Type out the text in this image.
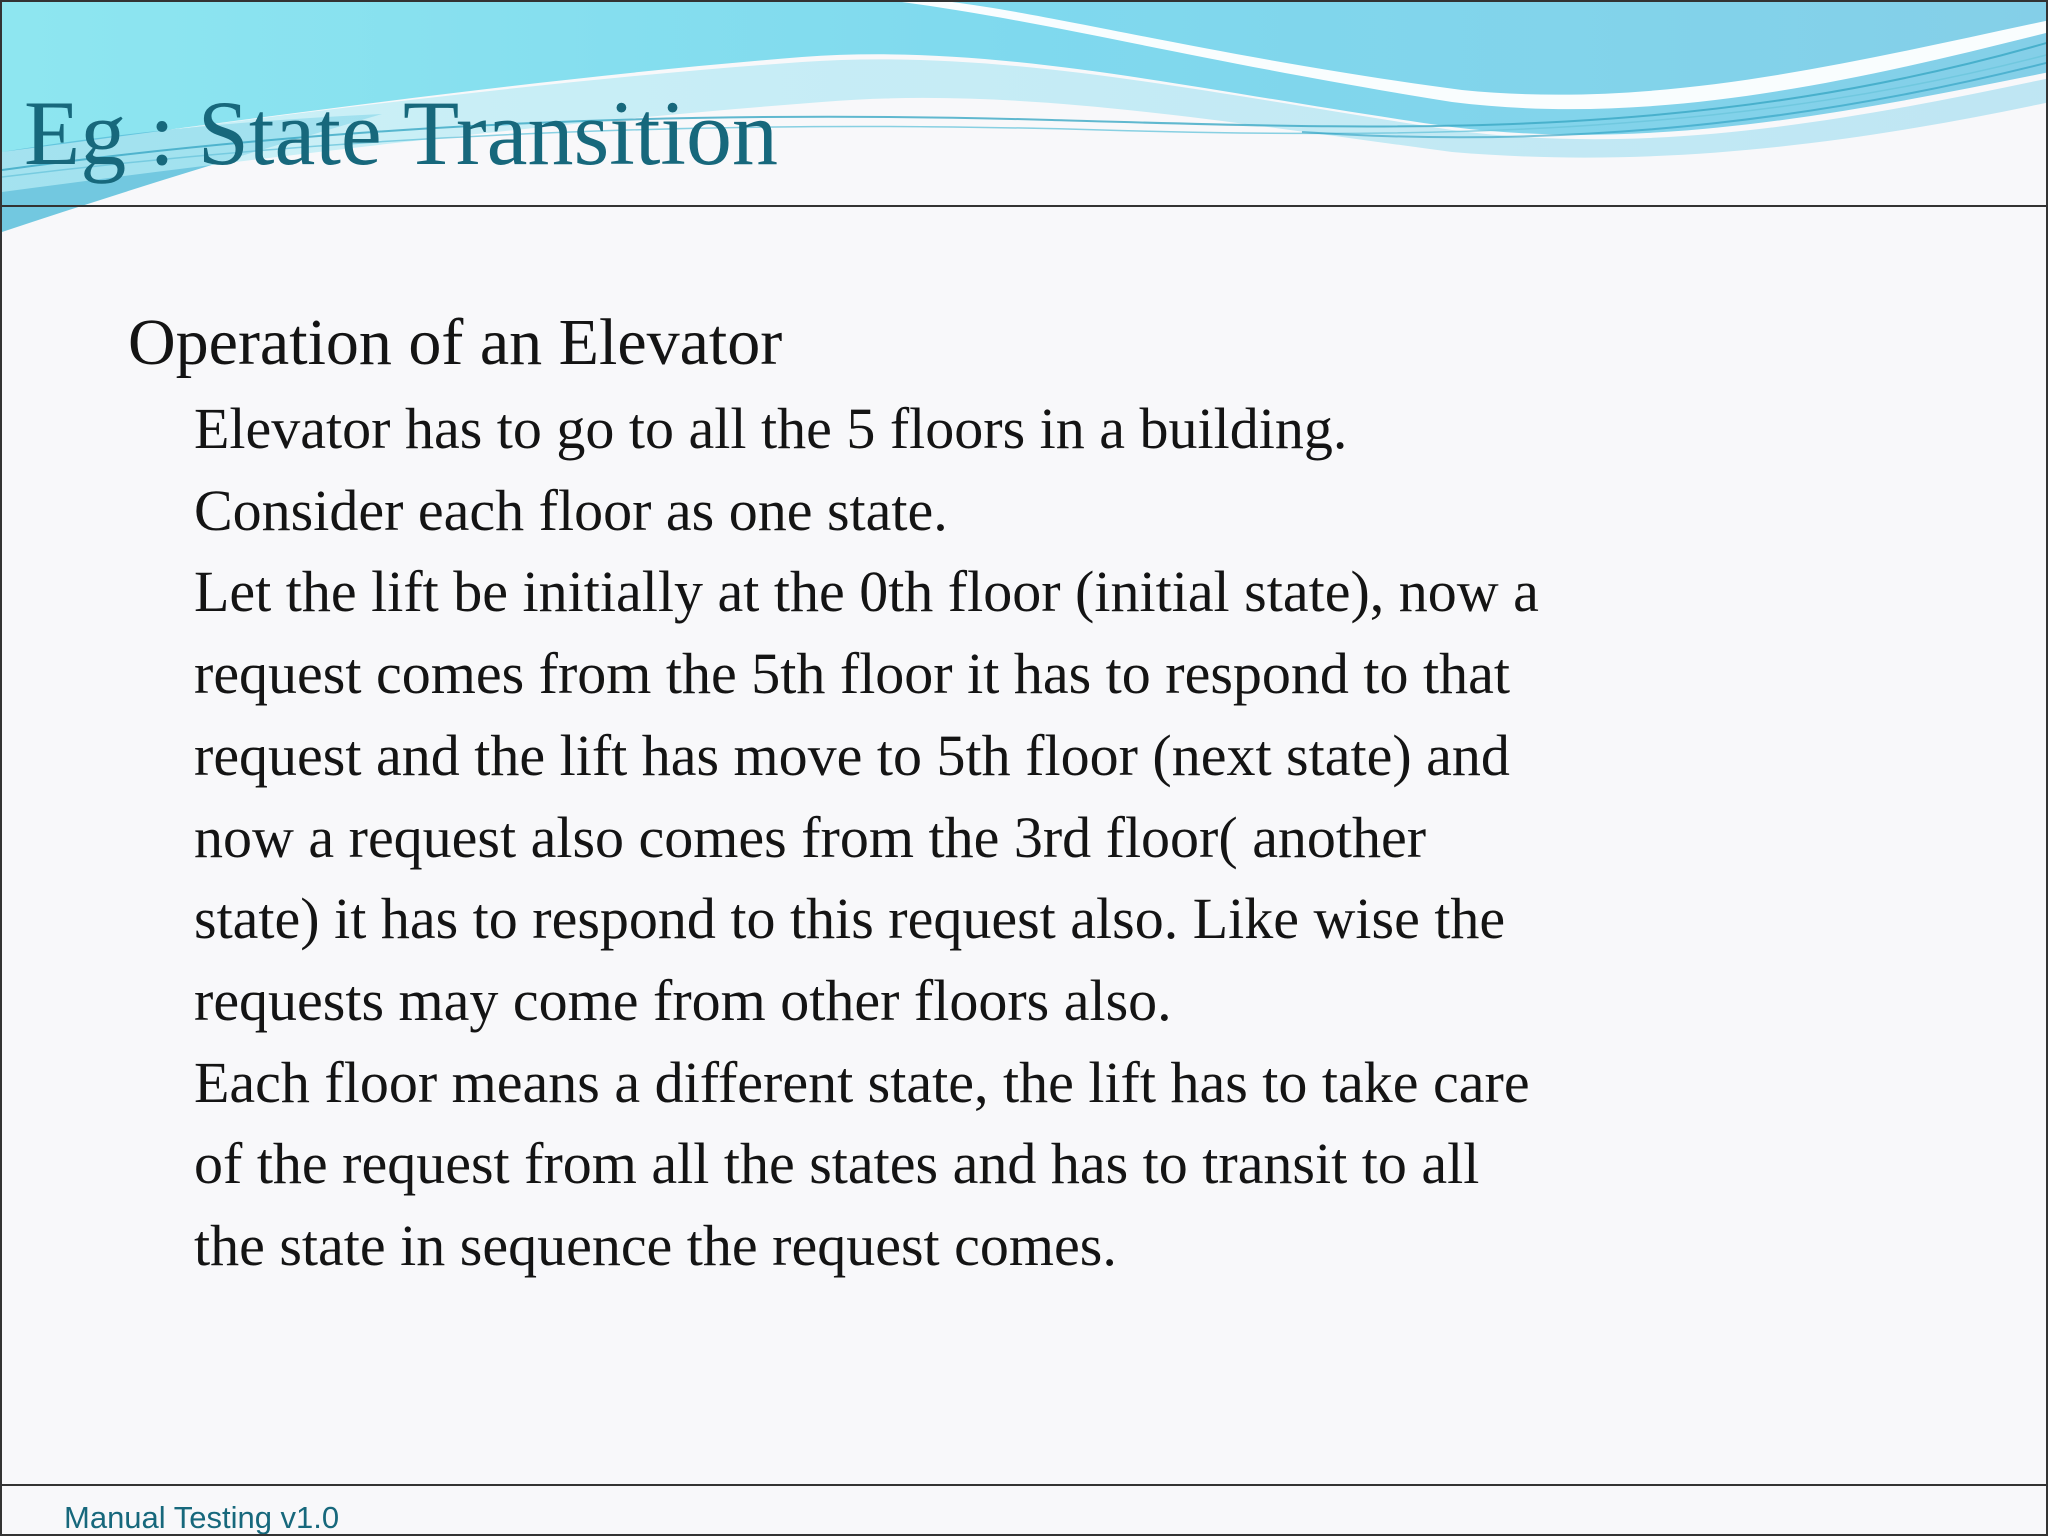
Eg : State Transition
Operation of an Elevator
Elevator has to go to all the 5 floors in a building.
Consider each floor as one state.
Let the lift be initially at the 0th floor (initial state), now a
request comes from the 5th floor it has to respond to that
request and the lift has move to 5th floor (next state) and
now a request also comes from the 3rd floor( another
state) it has to respond to this request also. Like wise the
requests may come from other floors also.
Each floor means a different state, the lift has to take care
of the request from all the states and has to transit to all
the state in sequence the request comes.
Manual Testing v1.0
